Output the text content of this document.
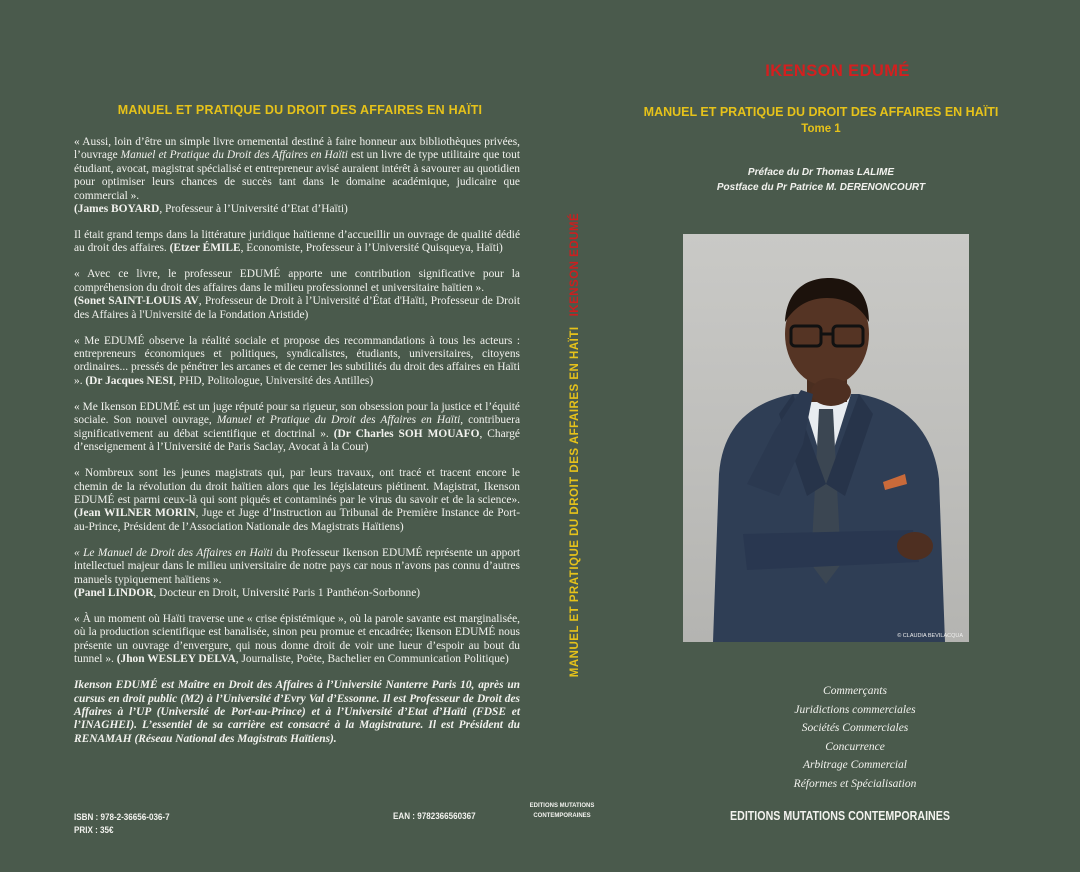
MANUEL ET PRATIQUE DU DROIT DES AFFAIRES EN HAÏTI

« Aussi, loin d’être un simple livre ornemental destiné à faire honneur aux bibliothèques privées, l’ouvrage Manuel et Pratique du Droit des Affaires en Haïti est un livre de type utilitaire que tout étudiant, avocat, magistrat spécialisé et entrepreneur avisé auraient intérêt à savourer au quotidien pour optimiser leurs chances de succès tant dans le domaine académique, judicaire que commercial ».
(James BOYARD, Professeur à l’Université d’Etat d’Haïti)

Il était grand temps dans la littérature juridique haïtienne d’accueillir un ouvrage de qualité dédié au droit des affaires. (Etzer ÉMILE, Economiste, Professeur à l’Université Quisqueya, Haïti)

« Avec ce livre, le professeur EDUMÉ apporte une contribution significative pour la compréhension du droit des affaires dans le milieu professionnel et universitaire haïtien ».
(Sonet SAINT-LOUIS AV, Professeur de Droit à l’Université d’État d'Haïti, Professeur de Droit des Affaires à l'Université de la Fondation Aristide)

« Me EDUMÉ observe la réalité sociale et propose des recommandations à tous les acteurs : entrepreneurs économiques et politiques, syndicalistes, étudiants, universitaires, citoyens ordinaires... pressés de pénétrer les arcanes et de cerner les subtilités du droit des affaires en Haïti ». (Dr Jacques NESI, PHD, Politologue, Université des Antilles)

« Me Ikenson EDUMÉ est un juge réputé pour sa rigueur, son obsession pour la justice et l’équité sociale. Son nouvel ouvrage, Manuel et Pratique du Droit des Affaires en Haïti, contribuera significativement au débat scientifique et doctrinal ». (Dr Charles SOH MOUAFO, Chargé d’enseignement à l’Université de Paris Saclay, Avocat à la Cour)

« Nombreux sont les jeunes magistrats qui, par leurs travaux, ont tracé et tracent encore le chemin de la révolution du droit haïtien alors que les législateurs piétinent. Magistrat, Ikenson EDUMÉ est parmi ceux-là qui sont piqués et contaminés par le virus du savoir et de la science». (Jean WILNER MORIN, Juge et Juge d’Instruction au Tribunal de Première Instance de Port-au-Prince, Président de l’Association Nationale des Magistrats Haïtiens)

« Le Manuel de Droit des Affaires en Haïti du Professeur Ikenson EDUMÉ représente un apport intellectuel majeur dans le milieu universitaire de notre pays car nous n’avons pas connu d’autres manuels typiquement haïtiens ».
(Panel LINDOR, Docteur en Droit, Université Paris 1 Panthéon-Sorbonne)

« À un moment où Haïti traverse une « crise épistémique », où la parole savante est marginalisée, où la production scientifique est banalisée, sinon peu promue et encadrée; Ikenson EDUMÉ nous présente un ouvrage d’envergure, qui nous donne droit de voir une lueur d’espoir au bout du tunnel ». (Jhon WESLEY DELVA, Journaliste, Poète, Bachelier en Communication Politique)

Ikenson EDUMÉ est Maître en Droit des Affaires à l’Université Nanterre Paris 10, après un cursus en droit public (M2) à l’Université d’Evry Val d’Essonne. Il est Professeur de Droit des Affaires à l’UP (Université de Port-au-Prince) et à l’Université d’Etat d’Haïti (FDSE et l’INAGHEI). L’essentiel de sa carrière est consacré à la Magistrature. Il est Président du RENAMAH (Réseau National des Magistrats Haïtiens).

ISBN : 978-2-36656-036-7
PRIX : 35€
EAN : 9782366560367
EDITIONS MUTATIONS
CONTEMPORAINES
MANUEL ET PRATIQUE DU DROIT DES AFFAIRES EN HAÏTIIKENSON EDUMÉ
IKENSON EDUMÉ
MANUEL ET PRATIQUE DU DROIT DES AFFAIRES EN HAÏTI
Tome 1
Préface du Dr Thomas LALIME
Postface du Pr Patrice M. DERENONCOURT
© CLAUDIA BEVILACQUA
Commerçants
Juridictions commerciales
Sociétés Commerciales
Concurrence
Arbitrage Commercial
Réformes et Spécialisation
EDITIONS MUTATIONS CONTEMPORAINES
